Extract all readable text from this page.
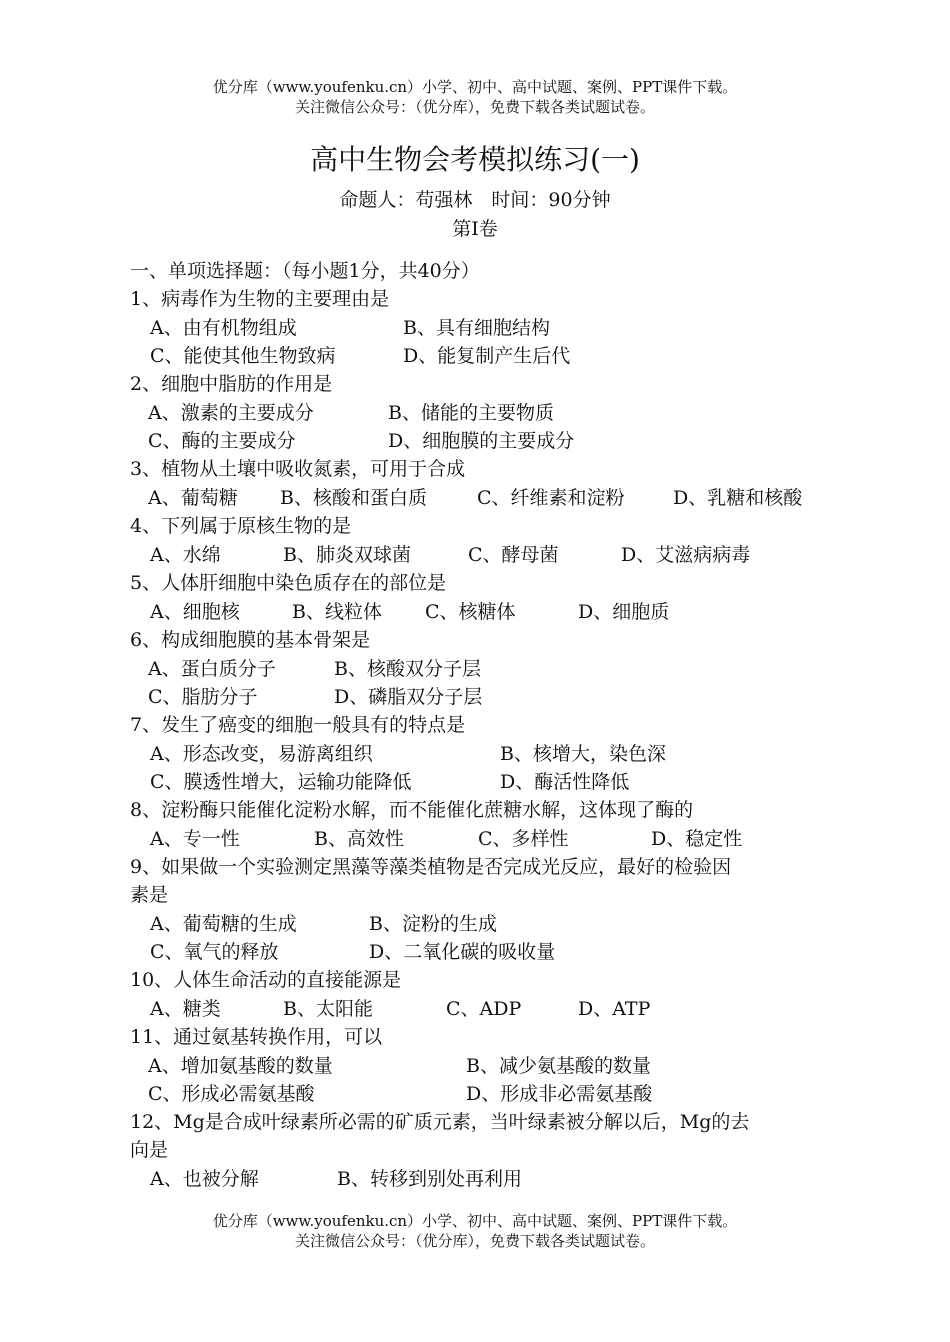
优分库（www.youfenku.cn）小学、初中、高中试题、案例、PPT课件下载。
关注微信公众号：（优分库），免费下载各类试题试卷。
高中生物会考模拟练习(一)
命题人：苟强林　时间：90分钟
第Ⅰ卷
一、单项选择题：（每小题1分，共40分）
1、病毒作为生物的主要理由是
A、由有机物组成	B、具有细胞结构
C、能使其他生物致病	D、能复制产生后代
2、细胞中脂肪的作用是
A、激素的主要成分	B、储能的主要物质
C、酶的主要成分	D、细胞膜的主要成分
3、植物从土壤中吸收氮素，可用于合成
A、葡萄糖 B、核酸和蛋白质	C、纤维素和淀粉	D、乳糖和核酸
4、下列属于原核生物的是
A、水绵	B、肺炎双球菌	C、酵母菌	D、艾滋病病毒
5、人体肝细胞中染色质存在的部位是
A、细胞核	B、线粒体 C、核糖体	D、细胞质
6、构成细胞膜的基本骨架是
A、蛋白质分子	B、核酸双分子层
C、脂肪分子	D、磷脂双分子层
7、发生了癌变的细胞一般具有的特点是
A、形态改变，易游离组织	B、核增大，染色深
C、膜透性增大，运输功能降低	D、酶活性降低
8、淀粉酶只能催化淀粉水解，而不能催化蔗糖水解，这体现了酶的
A、专一性	B、高效性	C、多样性	D、稳定性
9、如果做一个实验测定黑藻等藻类植物是否完成光反应，最好的检验因
素是
A、葡萄糖的生成	B、淀粉的生成
C、氧气的释放	D、二氧化碳的吸收量
10、人体生命活动的直接能源是
A、糖类	B、太阳能	C、ADP	D、ATP
11、通过氨基转换作用，可以
A、增加氨基酸的数量	B、减少氨基酸的数量
C、形成必需氨基酸	D、形成非必需氨基酸
12、Mg是合成叶绿素所必需的矿质元素，当叶绿素被分解以后，Mg的去
向是
A、也被分解	B、转移到别处再利用
优分库（www.youfenku.cn）小学、初中、高中试题、案例、PPT课件下载。
关注微信公众号：（优分库），免费下载各类试题试卷。
